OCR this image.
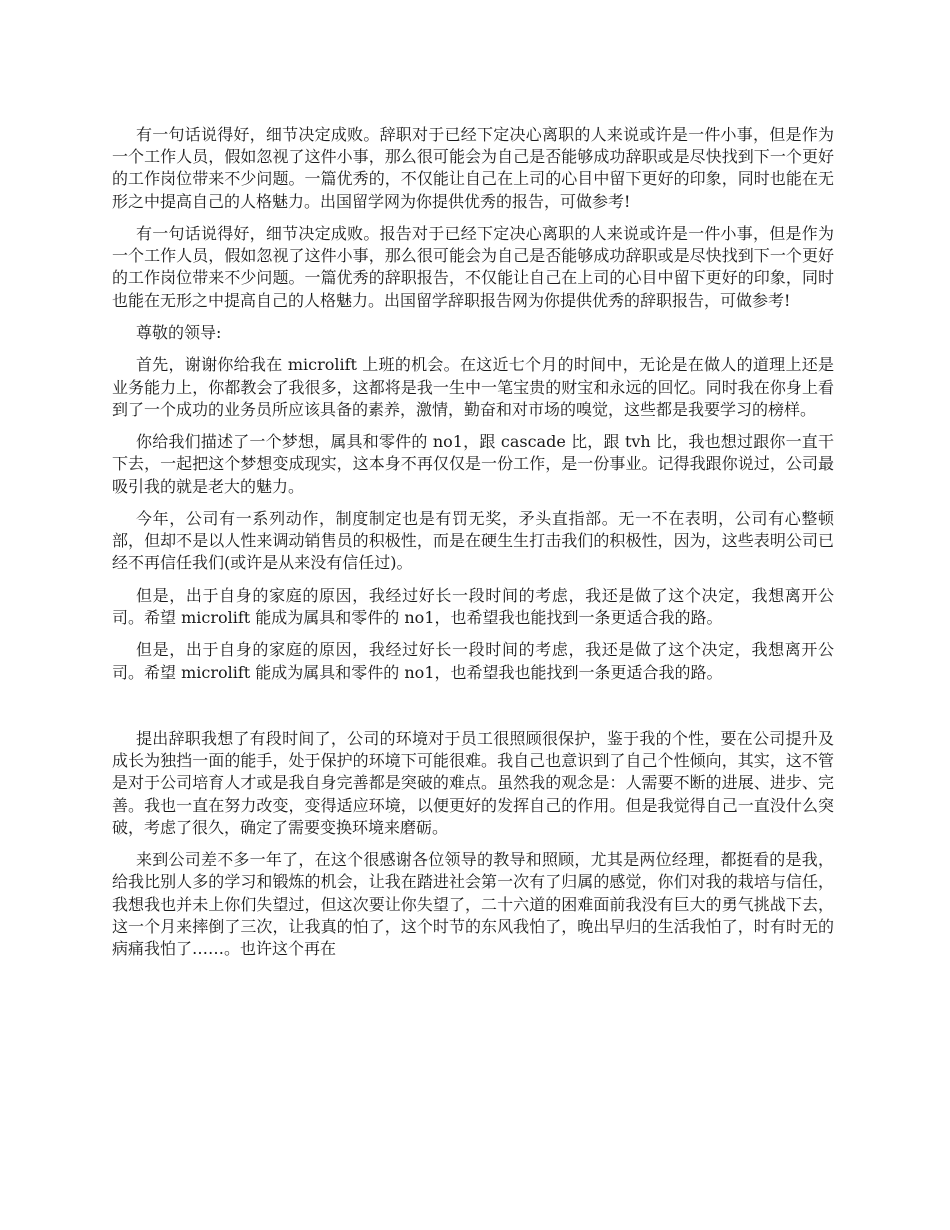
有一句话说得好，细节决定成败。辞职对于已经下定决心离职的人来说或许是一件小事，但是作为一个工作人员，假如忽视了这件小事，那么很可能会为自己是否能够成功辞职或是尽快找到下一个更好的工作岗位带来不少问题。一篇优秀的，不仅能让自己在上司的心目中留下更好的印象，同时也能在无形之中提高自己的人格魅力。出国留学网为你提供优秀的报告，可做参考!

有一句话说得好，细节决定成败。报告对于已经下定决心离职的人来说或许是一件小事，但是作为一个工作人员，假如忽视了这件小事，那么很可能会为自己是否能够成功辞职或是尽快找到下一个更好的工作岗位带来不少问题。一篇优秀的辞职报告，不仅能让自己在上司的心目中留下更好的印象，同时也能在无形之中提高自己的人格魅力。出国留学辞职报告网为你提供优秀的辞职报告，可做参考!

尊敬的领导:

首先，谢谢你给我在 microlift 上班的机会。在这近七个月的时间中，无论是在做人的道理上还是业务能力上，你都教会了我很多，这都将是我一生中一笔宝贵的财宝和永远的回忆。同时我在你身上看到了一个成功的业务员所应该具备的素养，激情，勤奋和对市场的嗅觉，这些都是我要学习的榜样。

你给我们描述了一个梦想，属具和零件的 no1，跟 cascade 比，跟 tvh 比，我也想过跟你一直干下去，一起把这个梦想变成现实，这本身不再仅仅是一份工作，是一份事业。记得我跟你说过，公司最吸引我的就是老大的魅力。

今年，公司有一系列动作，制度制定也是有罚无奖，矛头直指部。无一不在表明，公司有心整顿部，但却不是以人性来调动销售员的积极性，而是在硬生生打击我们的积极性，因为，这些表明公司已经不再信任我们(或许是从来没有信任过)。

但是，出于自身的家庭的原因，我经过好长一段时间的考虑，我还是做了这个决定，我想离开公司。希望 microlift 能成为属具和零件的 no1，也希望我也能找到一条更适合我的路。

但是，出于自身的家庭的原因，我经过好长一段时间的考虑，我还是做了这个决定，我想离开公司。希望 microlift 能成为属具和零件的 no1，也希望我也能找到一条更适合我的路。

提出辞职我想了有段时间了，公司的环境对于员工很照顾很保护，鉴于我的个性，要在公司提升及成长为独挡一面的能手，处于保护的环境下可能很难。我自己也意识到了自己个性倾向，其实，这不管是对于公司培育人才或是我自身完善都是突破的难点。虽然我的观念是：人需要不断的进展、进步、完善。我也一直在努力改变，变得适应环境，以便更好的发挥自己的作用。但是我觉得自己一直没什么突破，考虑了很久，确定了需要变换环境来磨砺。

来到公司差不多一年了，在这个很感谢各位领导的教导和照顾，尤其是两位经理，都挺看的是我，给我比别人多的学习和锻炼的机会，让我在踏进社会第一次有了归属的感觉，你们对我的栽培与信任，我想我也并未上你们失望过，但这次要让你失望了，二十六道的困难面前我没有巨大的勇气挑战下去，这一个月来摔倒了三次，让我真的怕了，这个时节的东风我怕了，晚出早归的生活我怕了，时有时无的病痛我怕了……。也许这个再在
